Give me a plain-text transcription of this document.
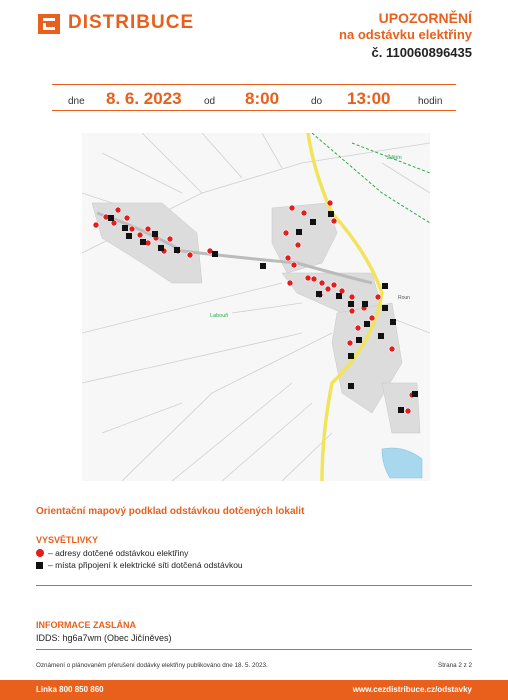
DISTRIBUCE	UPOZORNĚNÍ
na odstávku elektřiny
č. 110060896435
dne 8. 6. 2023 od 8:00	do 13:00	hodin
Žilějín
Labouň
Roun
Orientační mapový podklad odstávkou dotčených lokalit
VYSVĚTLIVKY
– adresy dotčené odstávkou elektřiny
– místa připojení k elektrické síti dotčená odstávkou
INFORMACE ZASLÁNA
IDDS: hg6a7wm (Obec Jičíněves)
Oznámení o plánovaném přerušení dodávky elektřiny publikováno dne 18. 5. 2023.	Strana 2 z 2
Linka 800 850 860	www.cezdistribuce.cz/odstavky
